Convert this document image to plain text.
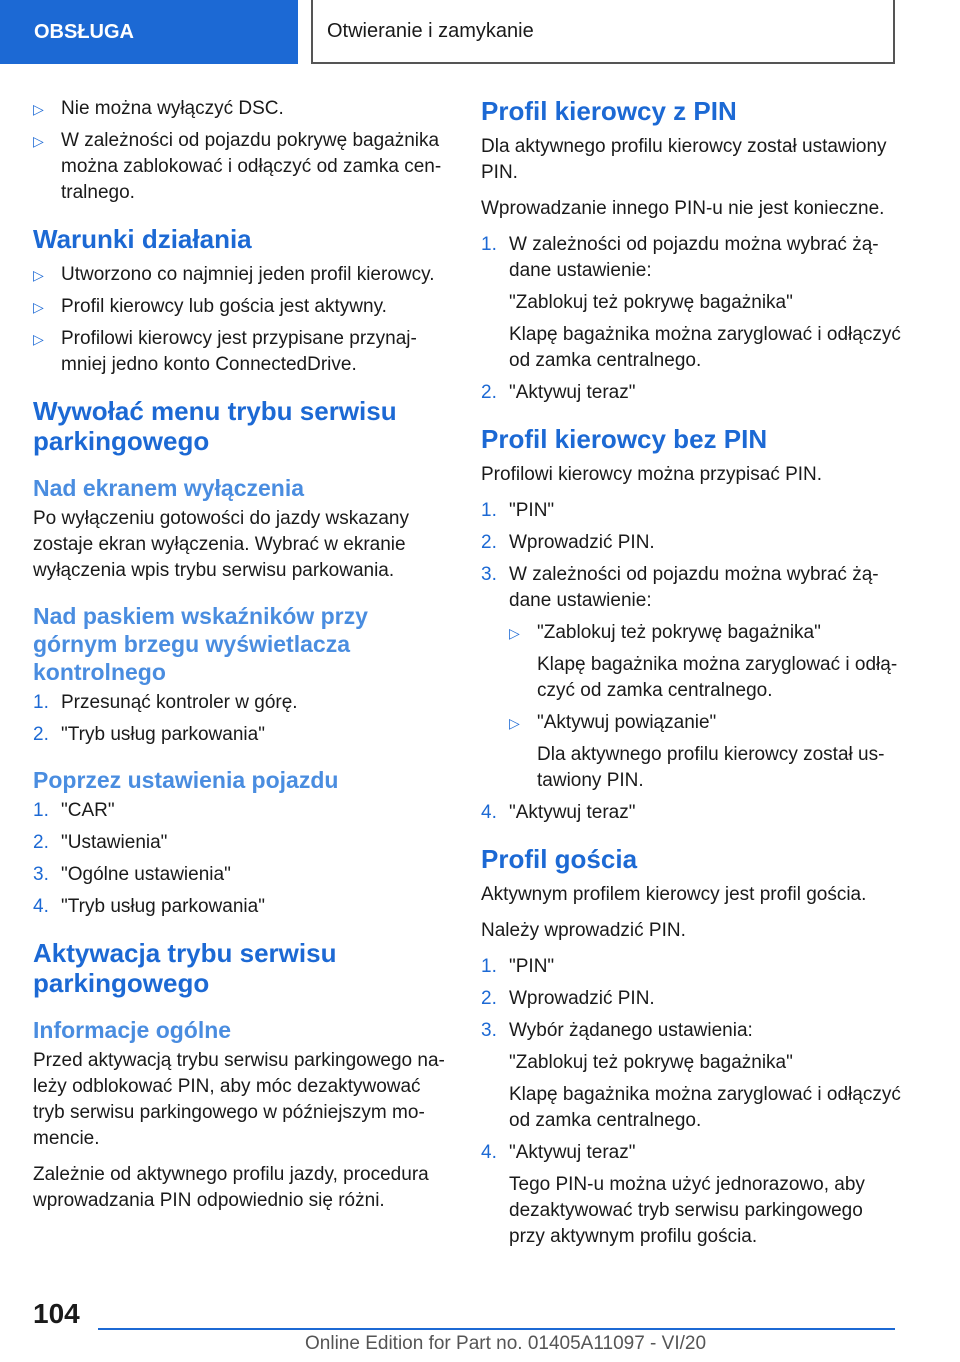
OBSŁUGA	Otwieranie i zamykanie
▷ Nie można wyłączyć DSC.
▷ W zależności od pojazdu pokrywę bagażnika można zablokować i odłączyć od zamka centralnego.
Warunki działania
▷ Utworzono co najmniej jeden profil kierowcy.
▷ Profil kierowcy lub gościa jest aktywny.
▷ Profilowi kierowcy jest przypisane przynajmniej jedno konto ConnectedDrive.
Wywołać menu trybu serwisu parkingowego
Nad ekranem wyłączenia

Po wyłączeniu gotowości do jazdy wskazany zostaje ekran wyłączenia. Wybrać w ekranie wyłączenia wpis trybu serwisu parkowania.

Nad paskiem wskaźników przy górnym brzegu wyświetlacza kontrolnego
1. Przesunąć kontroler w górę.
2. "Tryb usług parkowania"
Poprzez ustawienia pojazdu
1. "CAR"
2. "Ustawienia"
3. "Ogólne ustawienia"
4. "Tryb usług parkowania"
Aktywacja trybu serwisu parkingowego
Informacje ogólne

Przed aktywacją trybu serwisu parkingowego należy odblokować PIN, aby móc dezaktywować tryb serwisu parkingowego w późniejszym momencie.

Zależnie od aktywnego profilu jazdy, procedura wprowadzania PIN odpowiednio się różni.

Profil kierowcy z PIN

Dla aktywnego profilu kierowcy został ustawiony PIN.

Wprowadzanie innego PIN-u nie jest konieczne.

1. W zależności od pojazdu można wybrać żądane ustawienie:
"Zablokuj też pokrywę bagażnika"
Klapę bagażnika można zaryglować i odłączyć od zamka centralnego.
2. "Aktywuj teraz"
Profil kierowcy bez PIN

Profilowi kierowcy można przypisać PIN.

1. "PIN"
2. Wprowadzić PIN.
3. W zależności od pojazdu można wybrać żądane ustawienie:
▷ "Zablokuj też pokrywę bagażnika"
Klapę bagażnika można zaryglować i odłączyć od zamka centralnego.
▷ "Aktywuj powiązanie"
Dla aktywnego profilu kierowcy został ustawiony PIN.
4. "Aktywuj teraz"
Profil gościa

Aktywnym profilem kierowcy jest profil gościa.

Należy wprowadzić PIN.

1. "PIN"
2. Wprowadzić PIN.
3. Wybór żądanego ustawienia:
"Zablokuj też pokrywę bagażnika"
Klapę bagażnika można zaryglować i odłączyć od zamka centralnego.
4. "Aktywuj teraz"
Tego PIN-u można użyć jednorazowo, aby dezaktywować tryb serwisu parkingowego przy aktywnym profilu gościa.
104
Online Edition for Part no. 01405A11097 - VI/20
